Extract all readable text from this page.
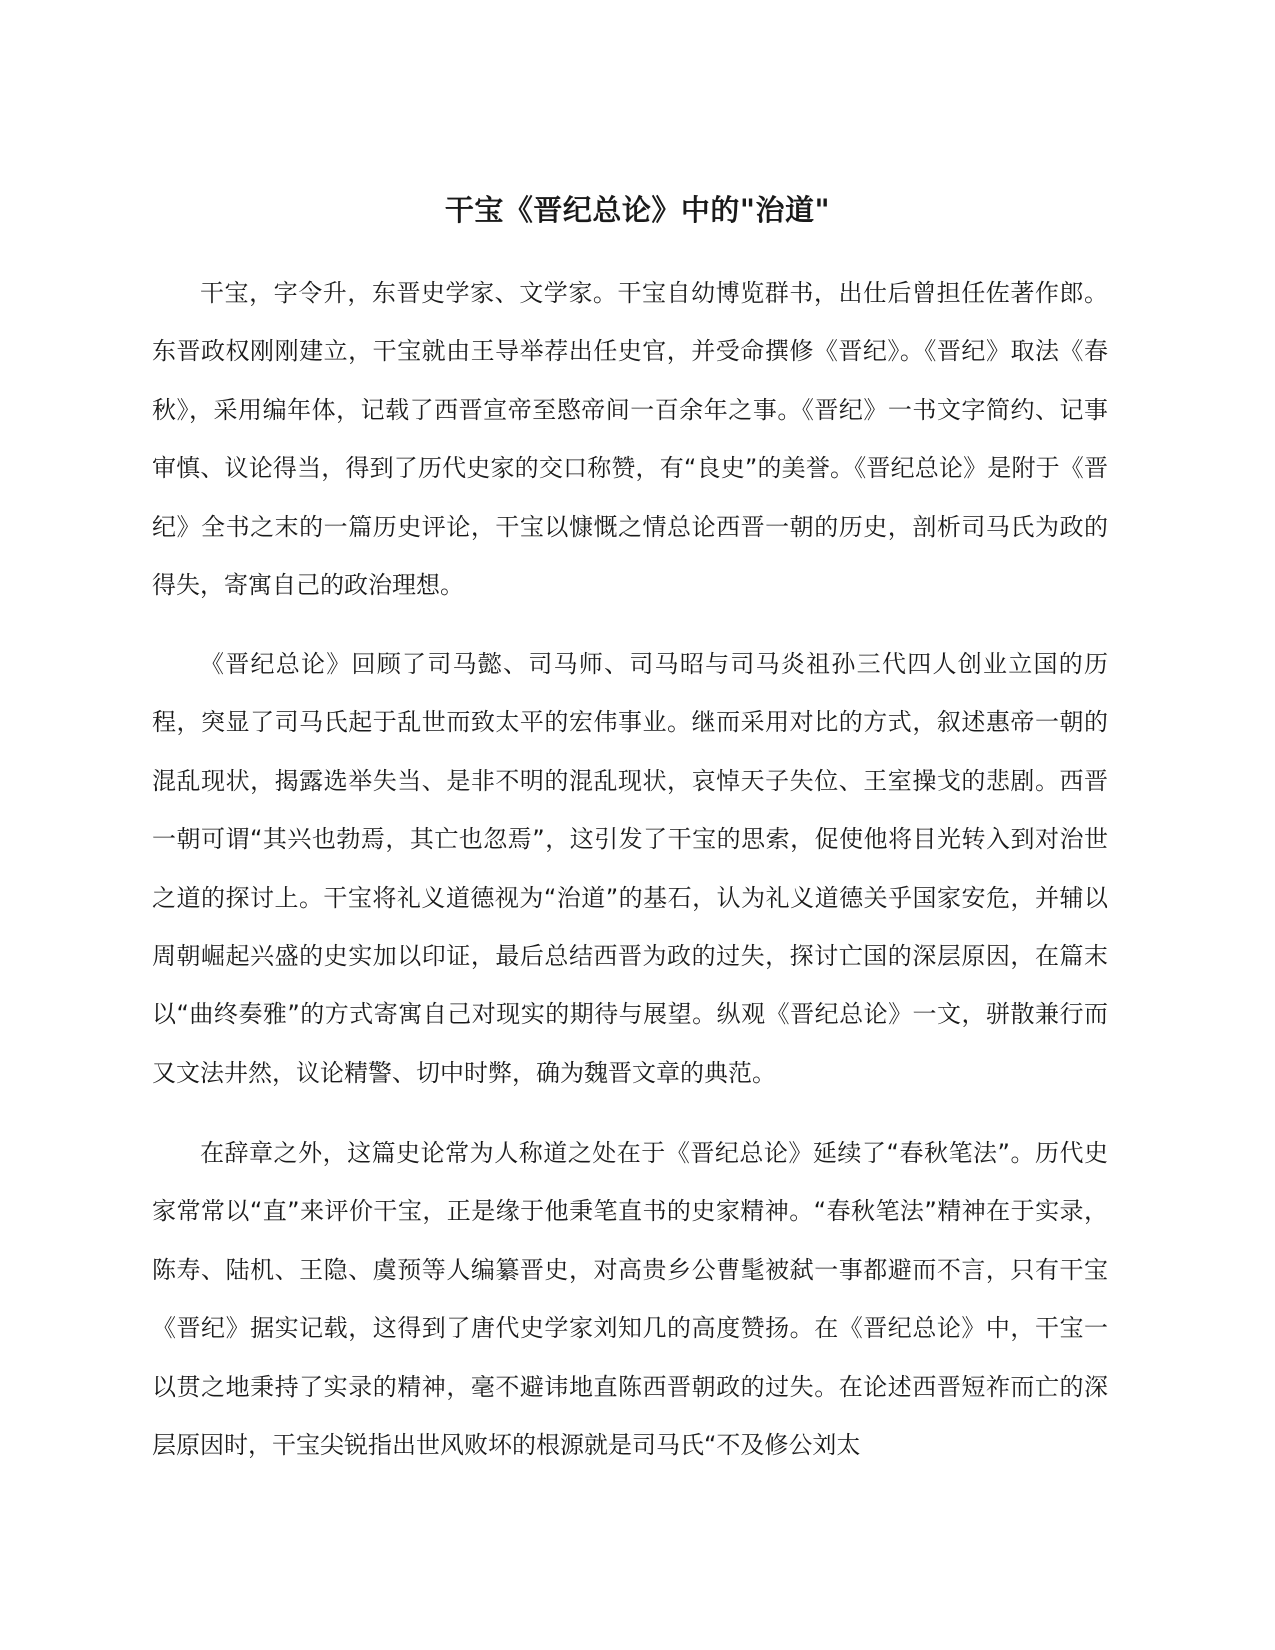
干宝《晋纪总论》中的"治道"

干宝，字令升，东晋史学家、文学家。干宝自幼博览群书，出仕后曾担任佐著作郎。东晋政权刚刚建立，干宝就由王导举荐出任史官，并受命撰修《晋纪》。《晋纪》取法《春秋》，采用编年体，记载了西晋宣帝至愍帝间一百余年之事。《晋纪》一书文字简约、记事审慎、议论得当，得到了历代史家的交口称赞，有“良史”的美誉。《晋纪总论》是附于《晋纪》全书之末的一篇历史评论，干宝以慷慨之情总论西晋一朝的历史，剖析司马氏为政的得失，寄寓自己的政治理想。

《晋纪总论》回顾了司马懿、司马师、司马昭与司马炎祖孙三代四人创业立国的历程，突显了司马氏起于乱世而致太平的宏伟事业。继而采用对比的方式，叙述惠帝一朝的混乱现状，揭露选举失当、是非不明的混乱现状，哀悼天子失位、王室操戈的悲剧。西晋一朝可谓“其兴也勃焉，其亡也忽焉”，这引发了干宝的思索，促使他将目光转入到对治世之道的探讨上。干宝将礼义道德视为“治道”的基石，认为礼义道德关乎国家安危，并辅以周朝崛起兴盛的史实加以印证，最后总结西晋为政的过失，探讨亡国的深层原因，在篇末以“曲终奏雅”的方式寄寓自己对现实的期待与展望。纵观《晋纪总论》一文，骈散兼行而又文法井然，议论精警、切中时弊，确为魏晋文章的典范。

在辞章之外，这篇史论常为人称道之处在于《晋纪总论》延续了“春秋笔法”。历代史家常常以“直”来评价干宝，正是缘于他秉笔直书的史家精神。“春秋笔法”精神在于实录，陈寿、陆机、王隐、虞预等人编纂晋史，对高贵乡公曹髦被弑一事都避而不言，只有干宝《晋纪》据实记载，这得到了唐代史学家刘知几的高度赞扬。在《晋纪总论》中，干宝一以贯之地秉持了实录的精神，毫不避讳地直陈西晋朝政的过失。在论述西晋短祚而亡的深层原因时，干宝尖锐指出世风败坏的根源就是司马氏“不及修公刘太
